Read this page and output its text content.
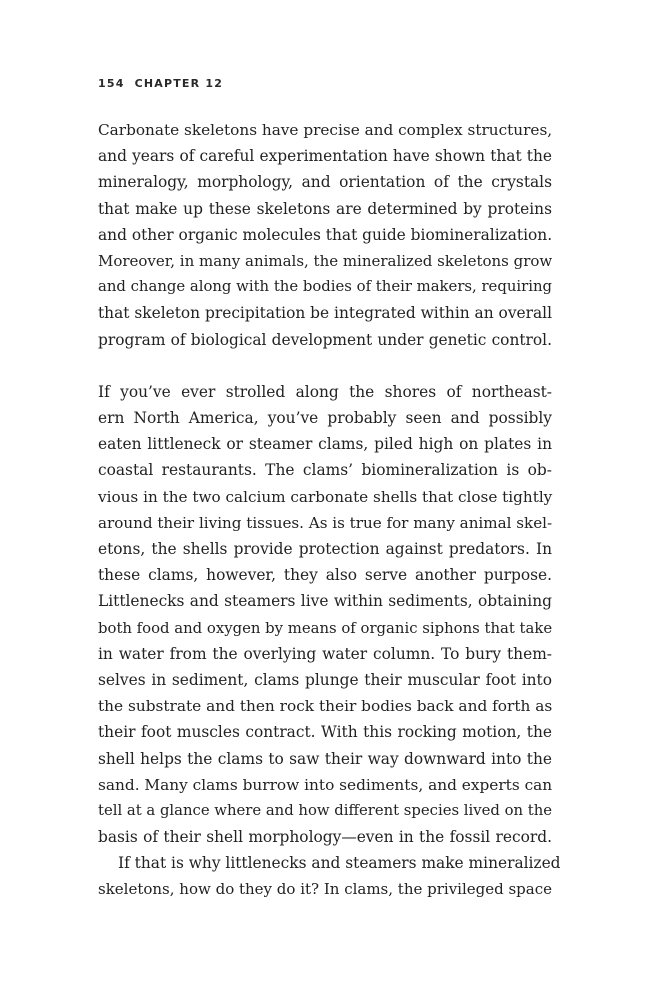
154 CHAPTER 12

Carbonate skeletons have precise and complex structures,
and years of careful experimentation have shown that the
mineralogy, morphology, and orientation of the crystals
that make up these skeletons are determined by proteins
and other organic molecules that guide biomineralization.
Moreover, in many animals, the mineralized skeletons grow
and change along with the bodies of their makers, requiring
that skeleton precipitation be integrated within an overall
program of biological development under genetic control.

If you’ve ever strolled along the shores of northeast-
ern North America, you’ve probably seen and possibly
eaten littleneck or steamer clams, piled high on plates in
coastal restaurants. The clams’ biomineralization is ob-
vious in the two calcium carbonate shells that close tightly
around their living tissues. As is true for many animal skel-
etons, the shells provide protection against predators. In
these clams, however, they also serve another purpose.
Littlenecks and steamers live within sediments, obtaining
both food and oxygen by means of organic siphons that take
in water from the overlying water column. To bury them-
selves in sediment, clams plunge their muscular foot into
the substrate and then rock their bodies back and forth as
their foot muscles contract. With this rocking motion, the
shell helps the clams to saw their way downward into the
sand. Many clams burrow into sediments, and experts can
tell at a glance where and how different species lived on the
basis of their shell morphology—even in the fossil record.

If that is why littlenecks and steamers make mineralized
skeletons, how do they do it? In clams, the privileged space
